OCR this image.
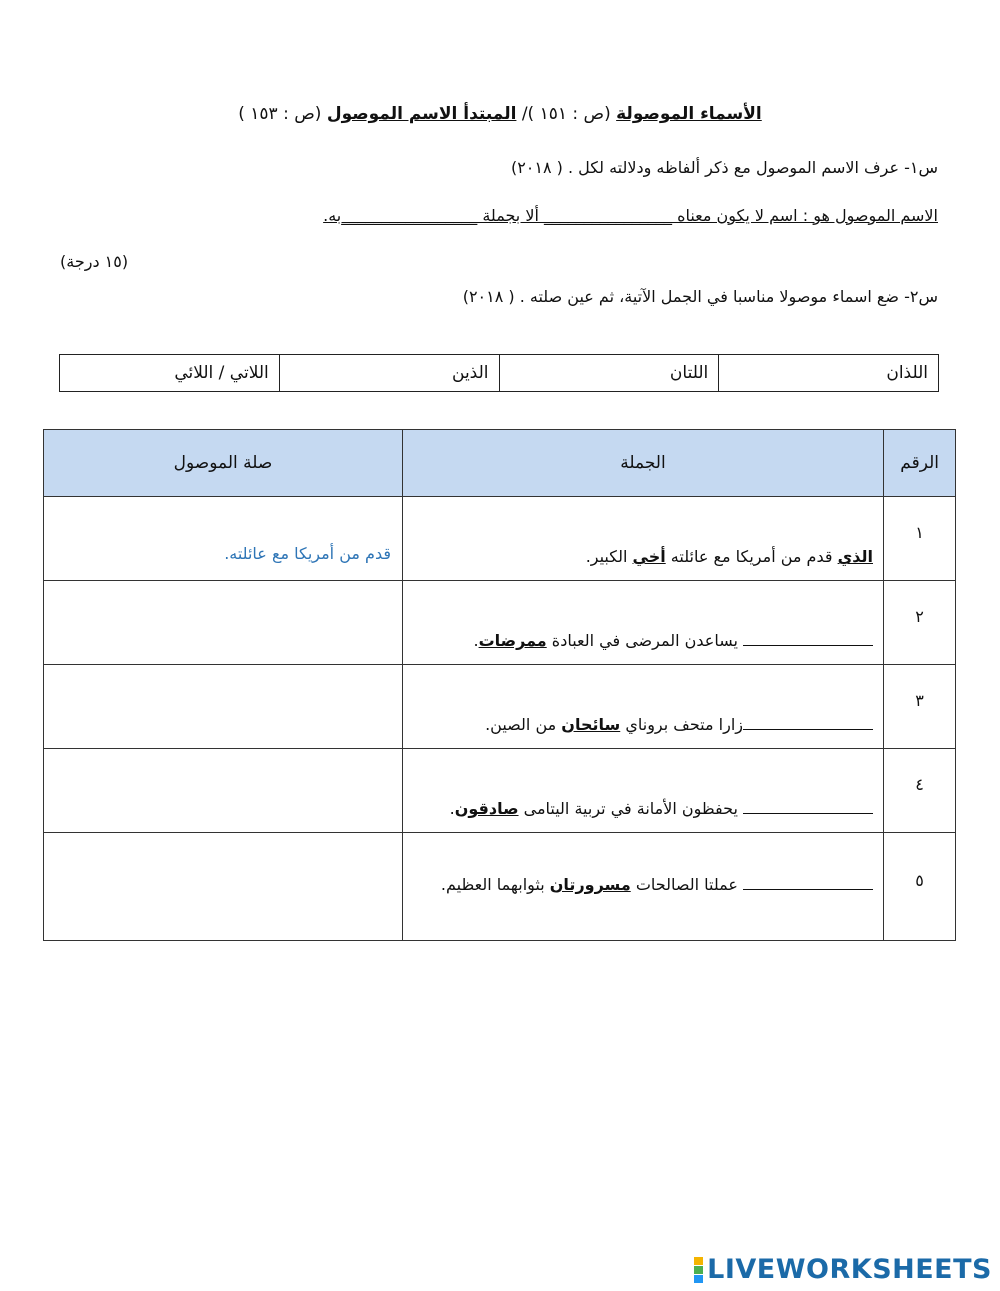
الأسماء الموصولة (ص : ١٥١ )/ المبتدأ الاسم الموصول (ص : ١٥٣ )
س١- عرف الاسم الموصول مع ذكر ألفاظه ودلالته لكل . ( ٢٠١٨)
الاسم الموصول هو : اسم لا يكون معناه ________________ ألا بجملة _________________به.
(١٥ درجة)
س٢- ضع اسماء موصولا مناسبا في الجمل الآتية، ثم عين صلته . ( ٢٠١٨)
اللذان	اللتان	الذين	اللاتي / اللائي
الرقم	الجملة	صلة الموصول
١	الذي قدم من أمريكا مع عائلته أخي الكبير.	قدم من أمريكا مع عائلته.

٢	يساعدن المرضى في العبادة ممرضات.	

٣	زارا متحف بروناي سائحان من الصين.	

٤	يحفظون الأمانة في تربية اليتامى صادقون.	

٥	عملتا الصالحات مسرورتان بثوابهما العظيم.	

LIVEWORKSHEETS
